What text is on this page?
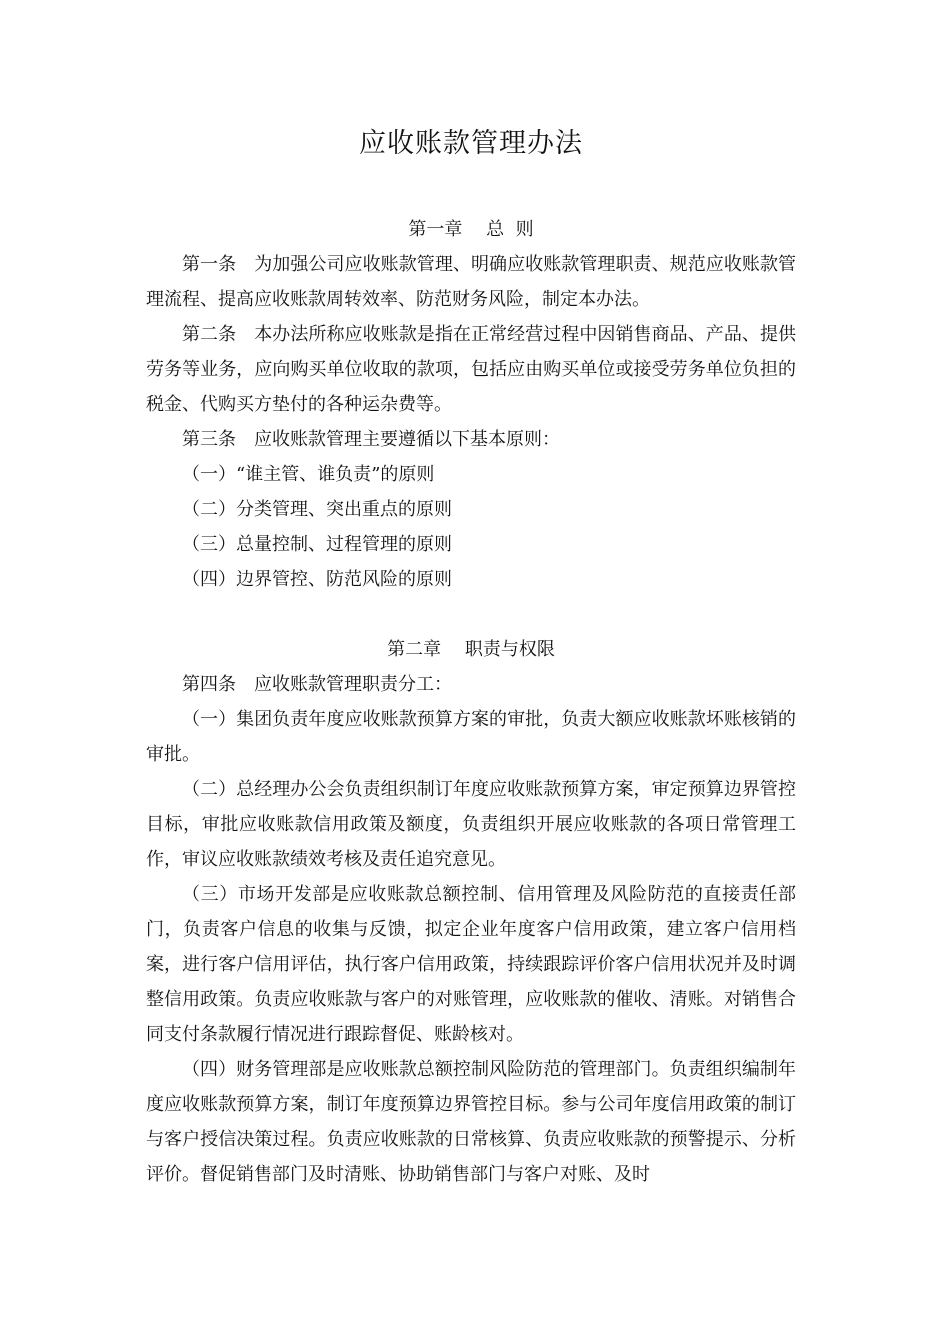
应收账款管理办法
第一章　 总  则

第一条　为加强公司应收账款管理、明确应收账款管理职责、规范应收账款管理流程、提高应收账款周转效率、防范财务风险，制定本办法。

第二条　本办法所称应收账款是指在正常经营过程中因销售商品、产品、提供劳务等业务，应向购买单位收取的款项，包括应由购买单位或接受劳务单位负担的税金、代购买方垫付的各种运杂费等。

第三条　应收账款管理主要遵循以下基本原则：

（一）“谁主管、谁负责”的原则

（二）分类管理、突出重点的原则

（三）总量控制、过程管理的原则

（四）边界管控、防范风险的原则

第二章　 职责与权限

第四条　应收账款管理职责分工：

（一）集团负责年度应收账款预算方案的审批，负责大额应收账款坏账核销的审批。

（二）总经理办公会负责组织制订年度应收账款预算方案，审定预算边界管控目标，审批应收账款信用政策及额度，负责组织开展应收账款的各项日常管理工作，审议应收账款绩效考核及责任追究意见。

（三）市场开发部是应收账款总额控制、信用管理及风险防范的直接责任部门，负责客户信息的收集与反馈，拟定企业年度客户信用政策，建立客户信用档案，进行客户信用评估，执行客户信用政策，持续跟踪评价客户信用状况并及时调整信用政策。负责应收账款与客户的对账管理，应收账款的催收、清账。对销售合同支付条款履行情况进行跟踪督促、账龄核对。

（四）财务管理部是应收账款总额控制风险防范的管理部门。负责组织编制年度应收账款预算方案，制订年度预算边界管控目标。参与公司年度信用政策的制订与客户授信决策过程。负责应收账款的日常核算、负责应收账款的预警提示、分析评价。督促销售部门及时清账、协助销售部门与客户对账、及时
